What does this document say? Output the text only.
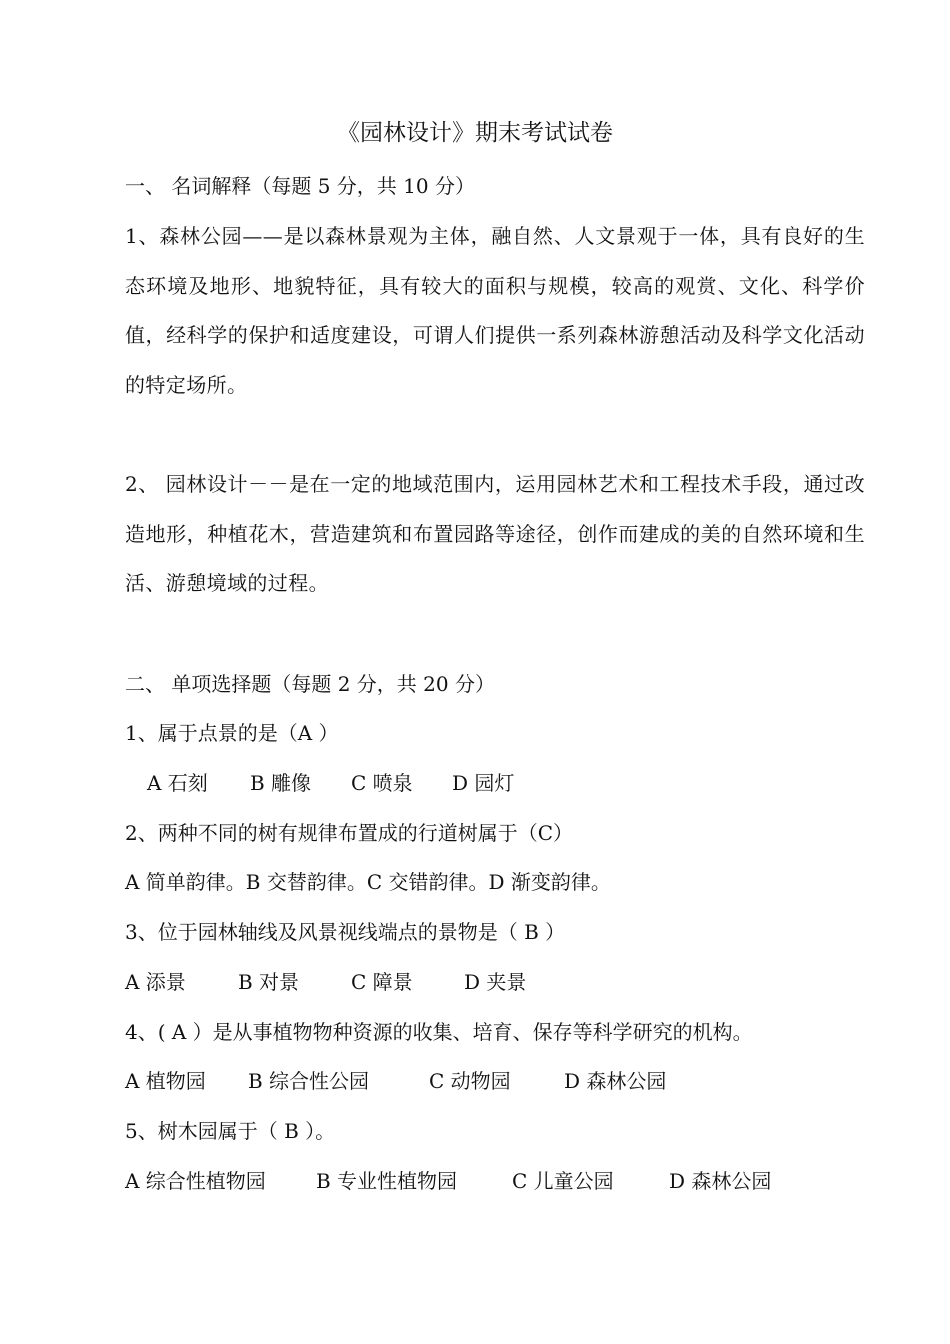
《园林设计》期末考试试卷
一、 名词解释（每题 5 分，共 10 分）
1、森林公园——是以森林景观为主体，融自然、人文景观于一体，具有良好的生态环境及地形、地貌特征，具有较大的面积与规模，较高的观赏、文化、科学价值，经科学的保护和适度建设，可谓人们提供一系列森林游憩活动及科学文化活动的特定场所。
2、 园林设计－－是在一定的地域范围内，运用园林艺术和工程技术手段，通过改造地形，种植花木，营造建筑和布置园路等途径，创作而建成的美的自然环境和生活、游憩境域的过程。
二、 单项选择题（每题 2 分，共 20 分）
1、属于点景的是（A ）
A 石刻 B 雕像 C 喷泉 D 园灯
2、两种不同的树有规律布置成的行道树属于（C）
A 简单韵律。B 交替韵律。C 交错韵律。D 渐变韵律。
3、位于园林轴线及风景视线端点的景物是（ B ）
A 添景	B 对景	C 障景	D 夹景
4、( A ）是从事植物物种资源的收集、培育、保存等科学研究的机构。
A 植物园 B 综合性公园	C 动物园	D 森林公园
5、树木园属于（ B ）。
A 综合性植物园	B 专业性植物园	C 儿童公园	D 森林公园
